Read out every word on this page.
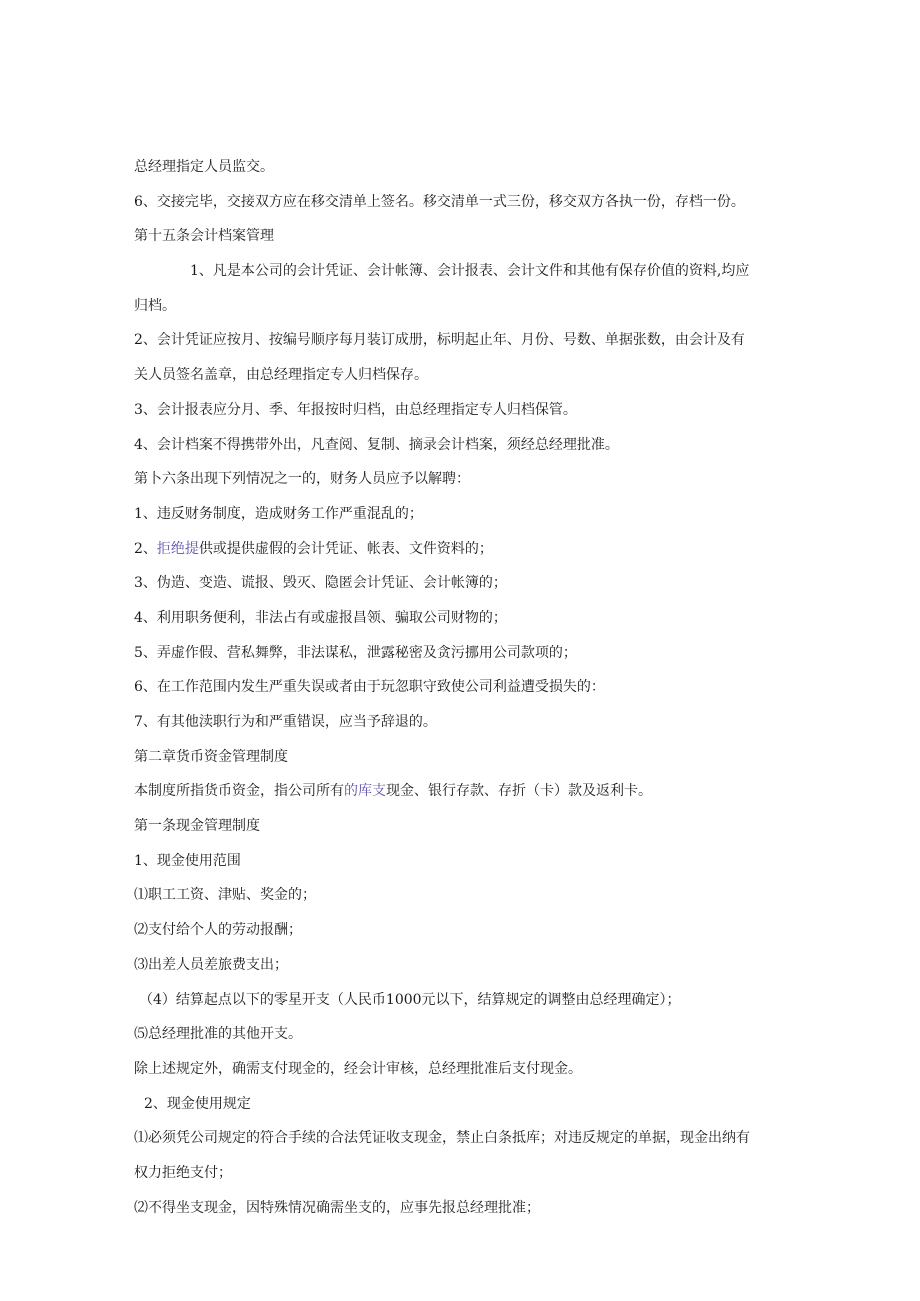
总经理指定人员监交。
6、交接完毕，交接双方应在移交清单上签名。移交清单一式三份，移交双方各执一份，存档一份。
第十五条会计档案管理
1、凡是本公司的会计凭证、会计帐簿、会计报表、会计文件和其他有保存价值的资料,均应
归档。
2、会计凭证应按月、按编号顺序每月装订成册，标明起止年、月份、号数、单据张数，由会计及有
关人员签名盖章，由总经理指定专人归档保存。
3、会计报表应分月、季、年报按时归档，由总经理指定专人归档保管。
4、会计档案不得携带外出，凡查阅、复制、摘录会计档案，须经总经理批准。
第卜六条出现下列情况之一的，财务人员应予以解聘：
1、违反财务制度，造成财务工作严重混乱的；
2、拒绝提供或提供虚假的会计凭证、帐表、文件资料的；
3、伪造、变造、谎报、毁灭、隐匿会计凭证、会计帐簿的；
4、利用职务便利，非法占有或虚报昌领、骗取公司财物的；
5、弄虚作假、营私舞弊，非法谋私，泄露秘密及贪污挪用公司款项的；
6、在工作范围内发生严重失误或者由于玩忽职守致使公司利益遭受损失的：
7、有其他渎职行为和严重错误，应当予辞退的。
第二章货币资金管理制度
本制度所指货币资金，指公司所有的库支现金、银行存款、存折（卡）款及返利卡。
第一条现金管理制度
1、现金使用范围
⑴职工工资、津贴、奖金的；
⑵支付给个人的劳动报酬；
⑶出差人员差旅费支出；
（4）结算起点以下的零星开支（人民币1000元以下，结算规定的调整由总经理确定）；
⑸总经理批准的其他开支。
除上述规定外，确需支付现金的，经会计审核，总经理批准后支付现金。
2、现金使用规定
⑴必须凭公司规定的符合手续的合法凭证收支现金，禁止白条抵库；对违反规定的单据，现金出纳有
权力拒绝支付；
⑵不得坐支现金，因特殊情况确需坐支的，应事先报总经理批准；
